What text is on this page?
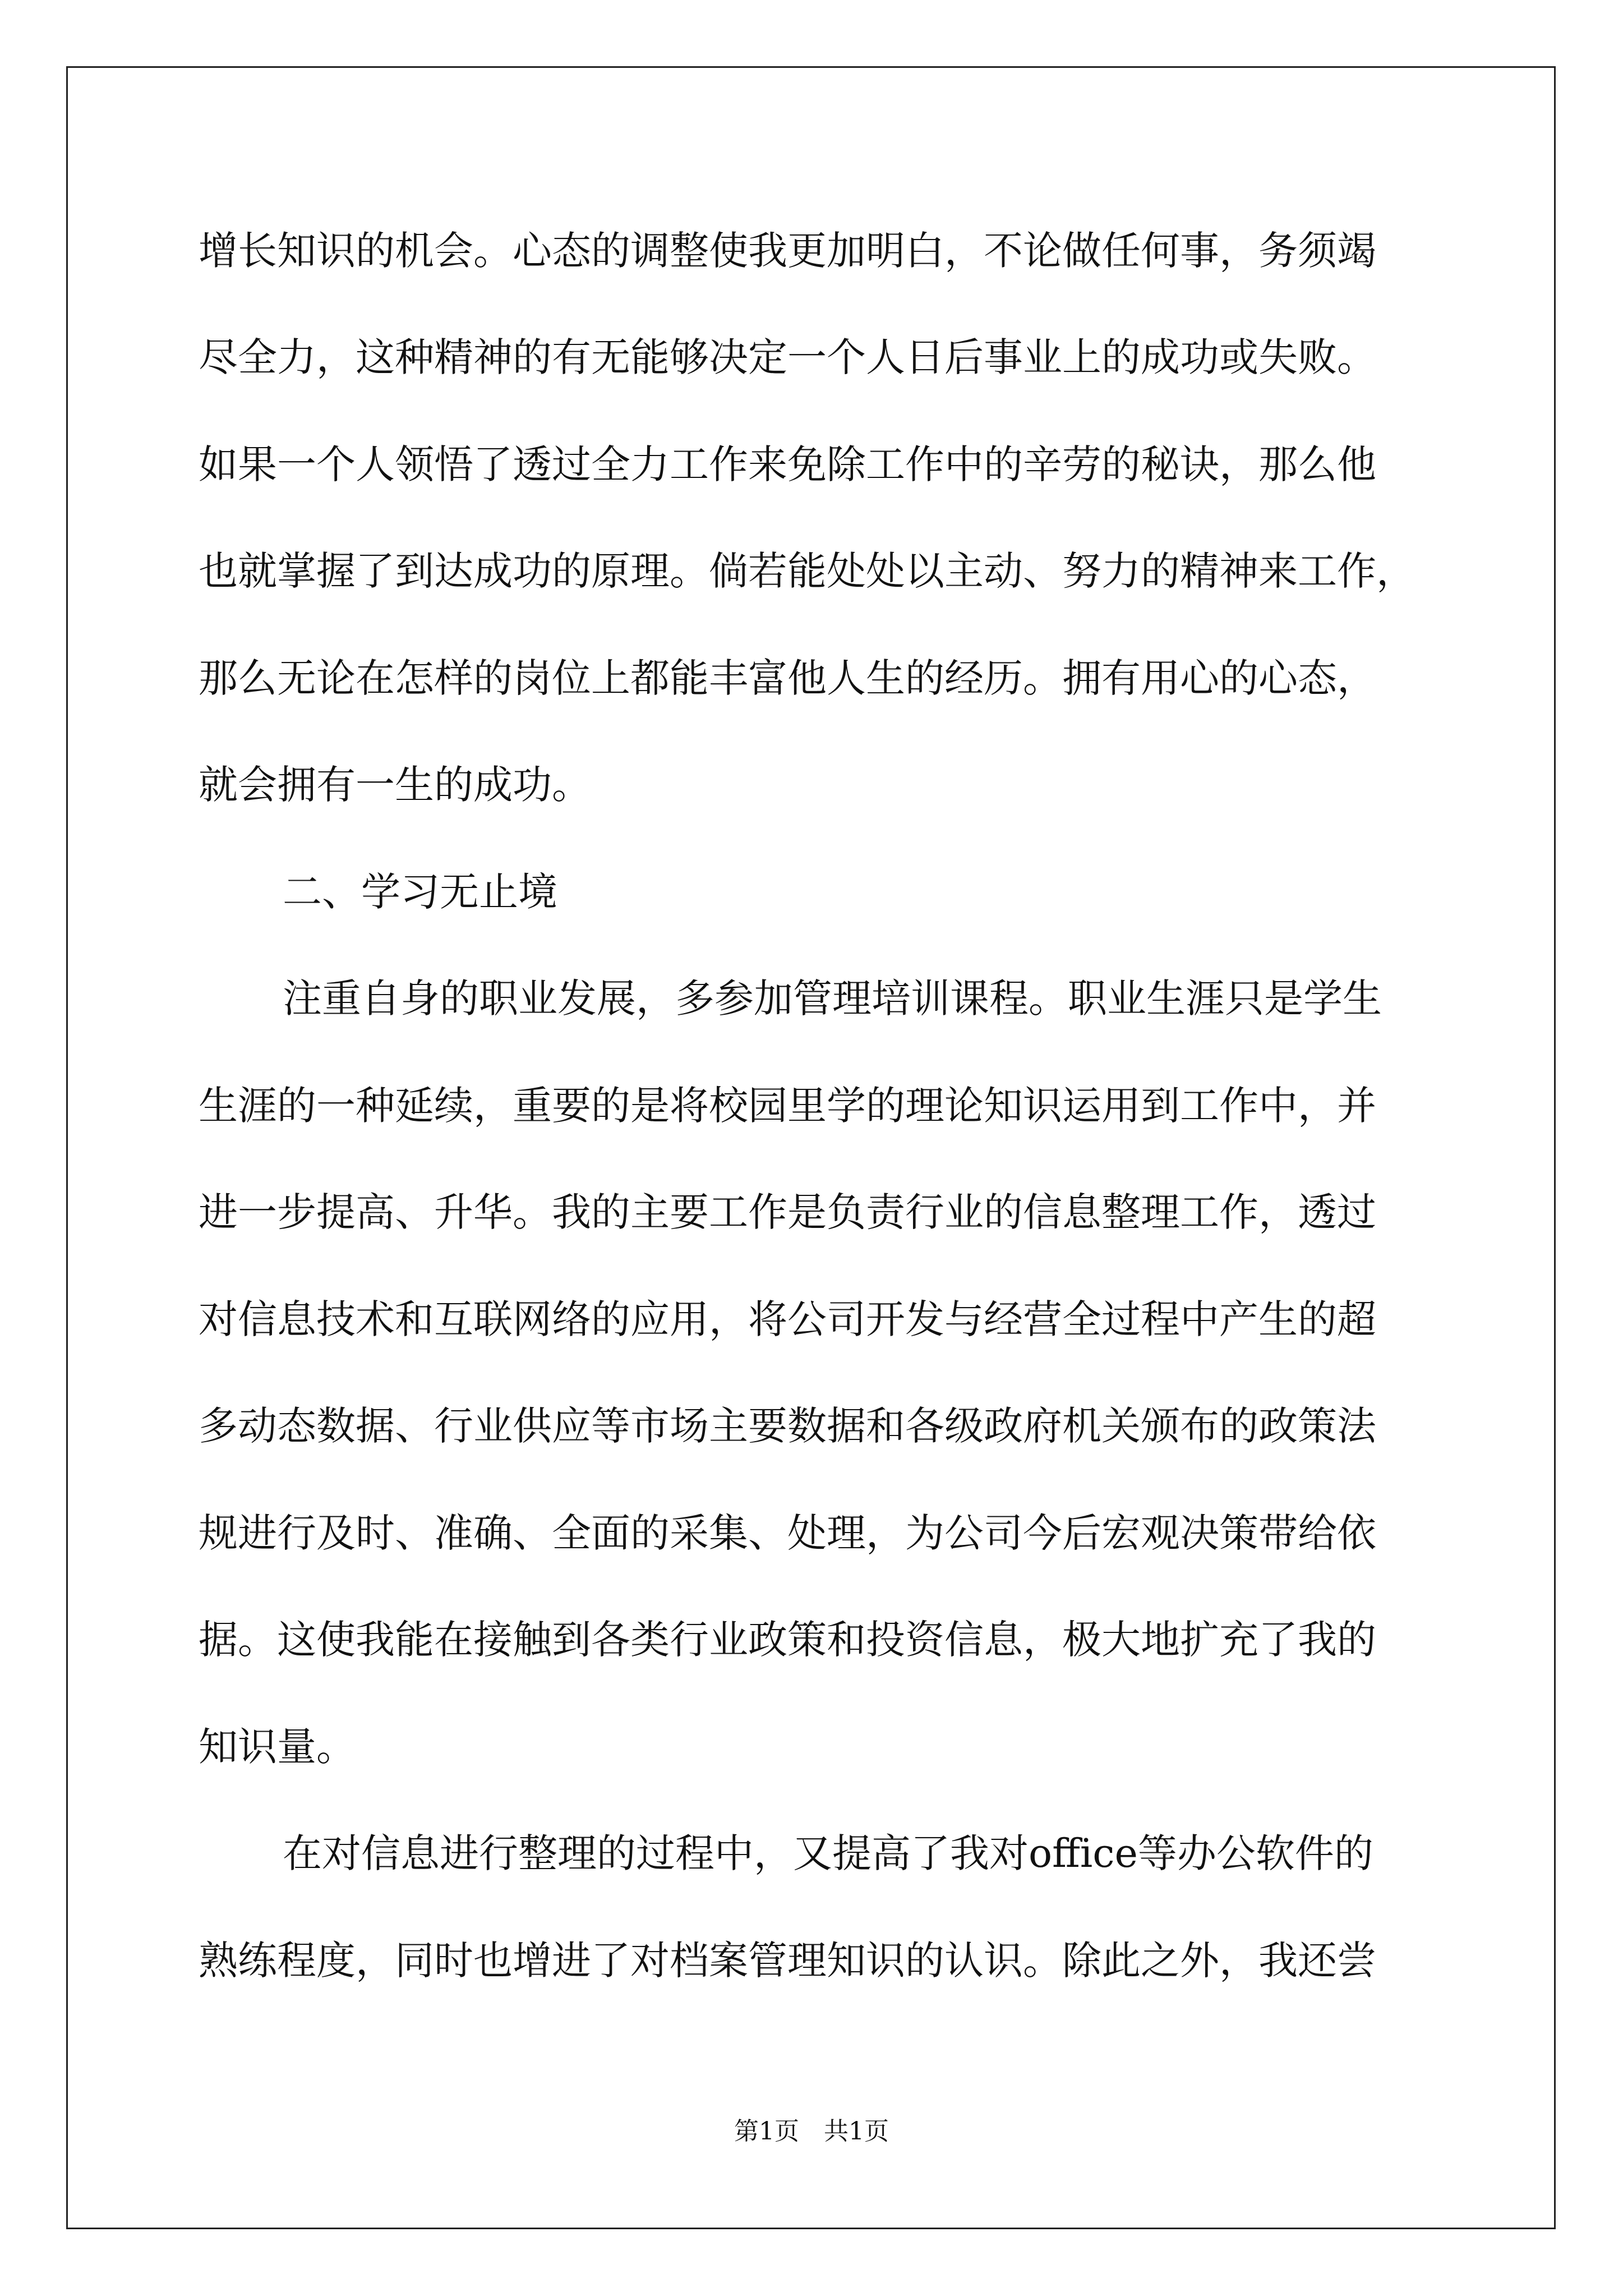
增长知识的机会。心态的调整使我更加明白，不论做任何事，务须竭
尽全力，这种精神的有无能够决定一个人日后事业上的成功或失败。
如果一个人领悟了透过全力工作来免除工作中的辛劳的秘诀，那么他
也就掌握了到达成功的原理。倘若能处处以主动、努力的精神来工作，
那么无论在怎样的岗位上都能丰富他人生的经历。拥有用心的心态，
就会拥有一生的成功。
二、学习无止境
注重自身的职业发展，多参加管理培训课程。职业生涯只是学生
生涯的一种延续，重要的是将校园里学的理论知识运用到工作中，并
进一步提高、升华。我的主要工作是负责行业的信息整理工作，透过
对信息技术和互联网络的应用，将公司开发与经营全过程中产生的超
多动态数据、行业供应等市场主要数据和各级政府机关颁布的政策法
规进行及时、准确、全面的采集、处理，为公司今后宏观决策带给依
据。这使我能在接触到各类行业政策和投资信息，极大地扩充了我的
知识量。
在对信息进行整理的过程中，又提高了我对office等办公软件的
熟练程度，同时也增进了对档案管理知识的认识。除此之外，我还尝
第1页　共1页
